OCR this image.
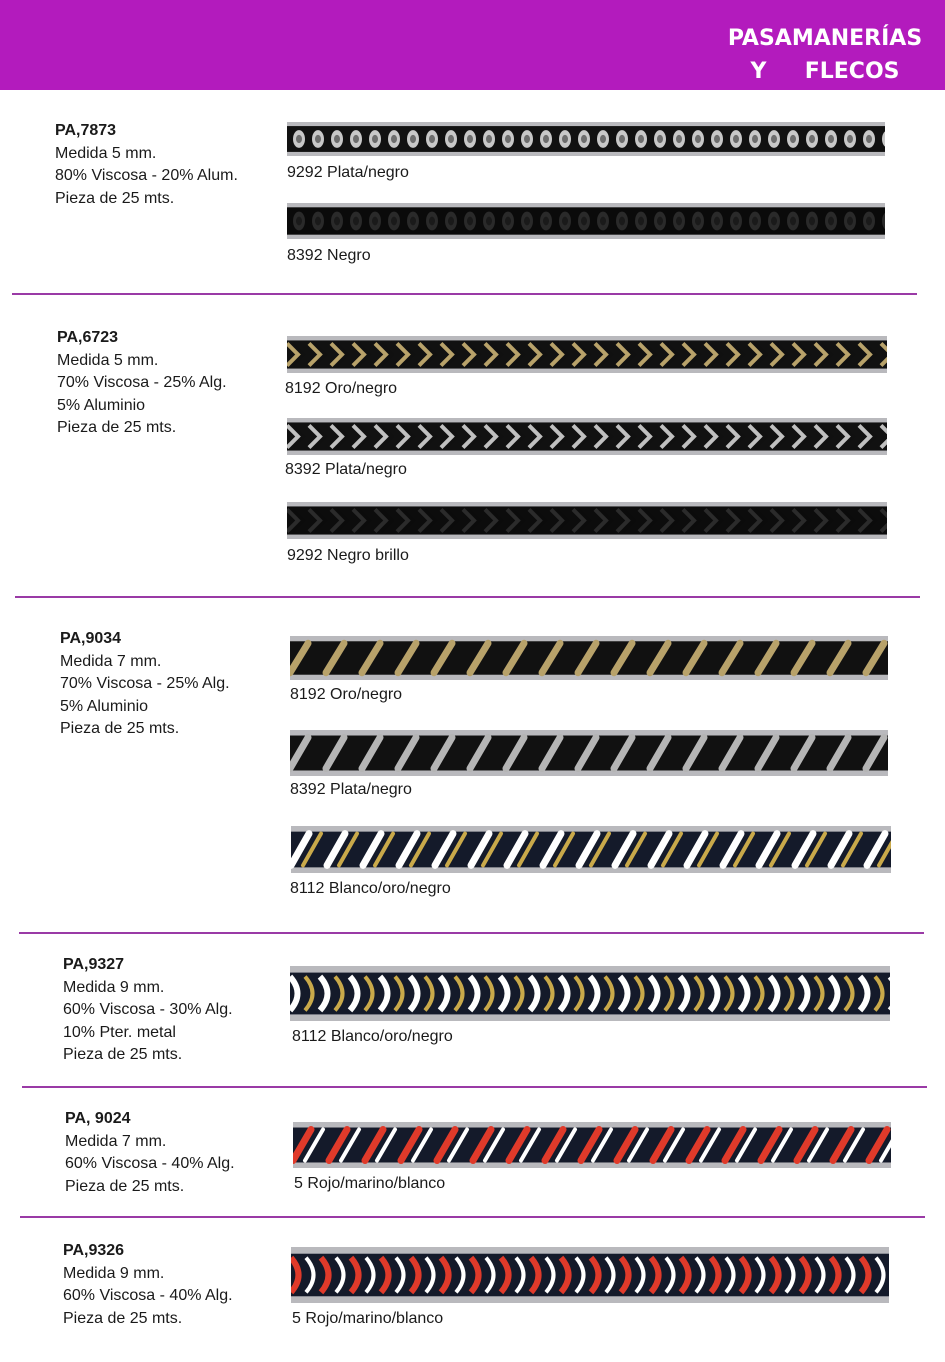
PASAMANERÍAS
Y     FLECOS
PA,7873
Medida 5 mm.
80% Viscosa - 20% Alum.
Pieza de 25 mts.
9292 Plata/negro
8392 Negro
PA,6723
Medida 5 mm.
70% Viscosa - 25% Alg.
5% Aluminio
Pieza de 25 mts.
8192 Oro/negro
8392 Plata/negro
9292 Negro brillo
PA,9034
Medida 7 mm.
70% Viscosa - 25% Alg.
5% Aluminio
Pieza de 25 mts.
8192 Oro/negro
8392 Plata/negro
8112 Blanco/oro/negro
PA,9327
Medida 9 mm.
60% Viscosa - 30% Alg.
10% Pter. metal
Pieza de 25 mts.
8112 Blanco/oro/negro
PA, 9024
Medida 7 mm.
60% Viscosa - 40% Alg.
Pieza de 25 mts.	5 Rojo/marino/blanco
PA,9326
Medida 9 mm.
60% Viscosa - 40% Alg.
Pieza de 25 mts.	5 Rojo/marino/blanco
